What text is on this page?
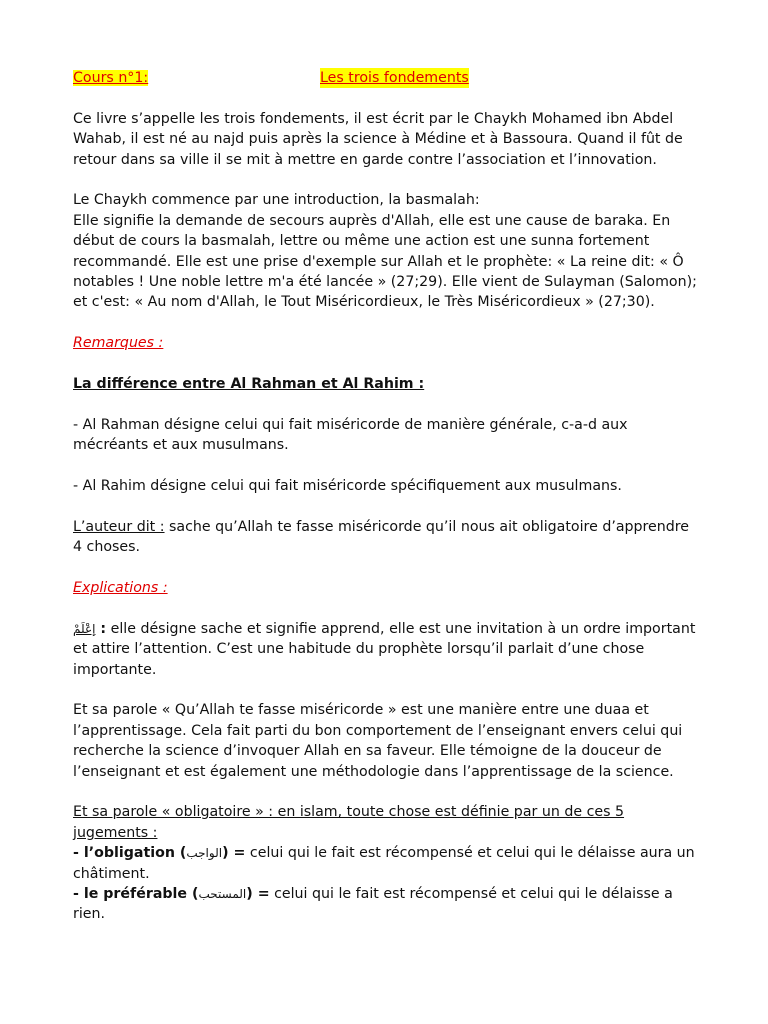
Cours n°1:	Les trois fondements

Ce livre s’appelle les trois fondements, il est écrit par le Chaykh Mohamed ibn Abdel Wahab, il est né au najd puis après la science à Médine et à Bassoura. Quand il fût de retour dans sa ville il se mit à mettre en garde contre l’association et l’innovation.

Le Chaykh commence par une introduction, la basmalah:

Elle signifie la demande de secours auprès d'Allah, elle est une cause de baraka. En début de cours la basmalah, lettre ou même une action est une sunna fortement recommandé. Elle est une prise d'exemple sur Allah et le prophète: « La reine dit: « Ô notables ! Une noble lettre m'a été lancée » (27;29). Elle vient de Sulayman (Salomon); et c'est: « Au nom d'Allah, le Tout Miséricordieux, le Très Miséricordieux » (27;30).

Remarques :

La différence entre Al Rahman et Al Rahim :

- Al Rahman désigne celui qui fait miséricorde de manière générale, c-a-d aux mécréants et aux musulmans.

- Al Rahim désigne celui qui fait miséricorde spécifiquement aux musulmans.

L’auteur dit : sache qu’Allah te fasse miséricorde qu’il nous ait obligatoire d’apprendre 4 choses.

Explications :

إعْلَمْ : elle désigne sache et signifie apprend, elle est une invitation à un ordre important et attire l’attention. C’est une habitude du prophète lorsqu’il parlait d’une chose importante.

Et sa parole « Qu’Allah te fasse miséricorde » est une manière entre une duaa et l’apprentissage. Cela fait parti du bon comportement de l’enseignant envers celui qui recherche la science d’invoquer Allah en sa faveur. Elle témoigne de la douceur de l’enseignant et est également une méthodologie dans l’apprentissage de la science.

Et sa parole « obligatoire » : en islam, toute chose est définie par un de ces 5 jugements :

- l’obligation (الواجب) = celui qui le fait est récompensé et celui qui le délaisse aura un châtiment.

- le préférable (المستحب) = celui qui le fait est récompensé et celui qui le délaisse a rien.
